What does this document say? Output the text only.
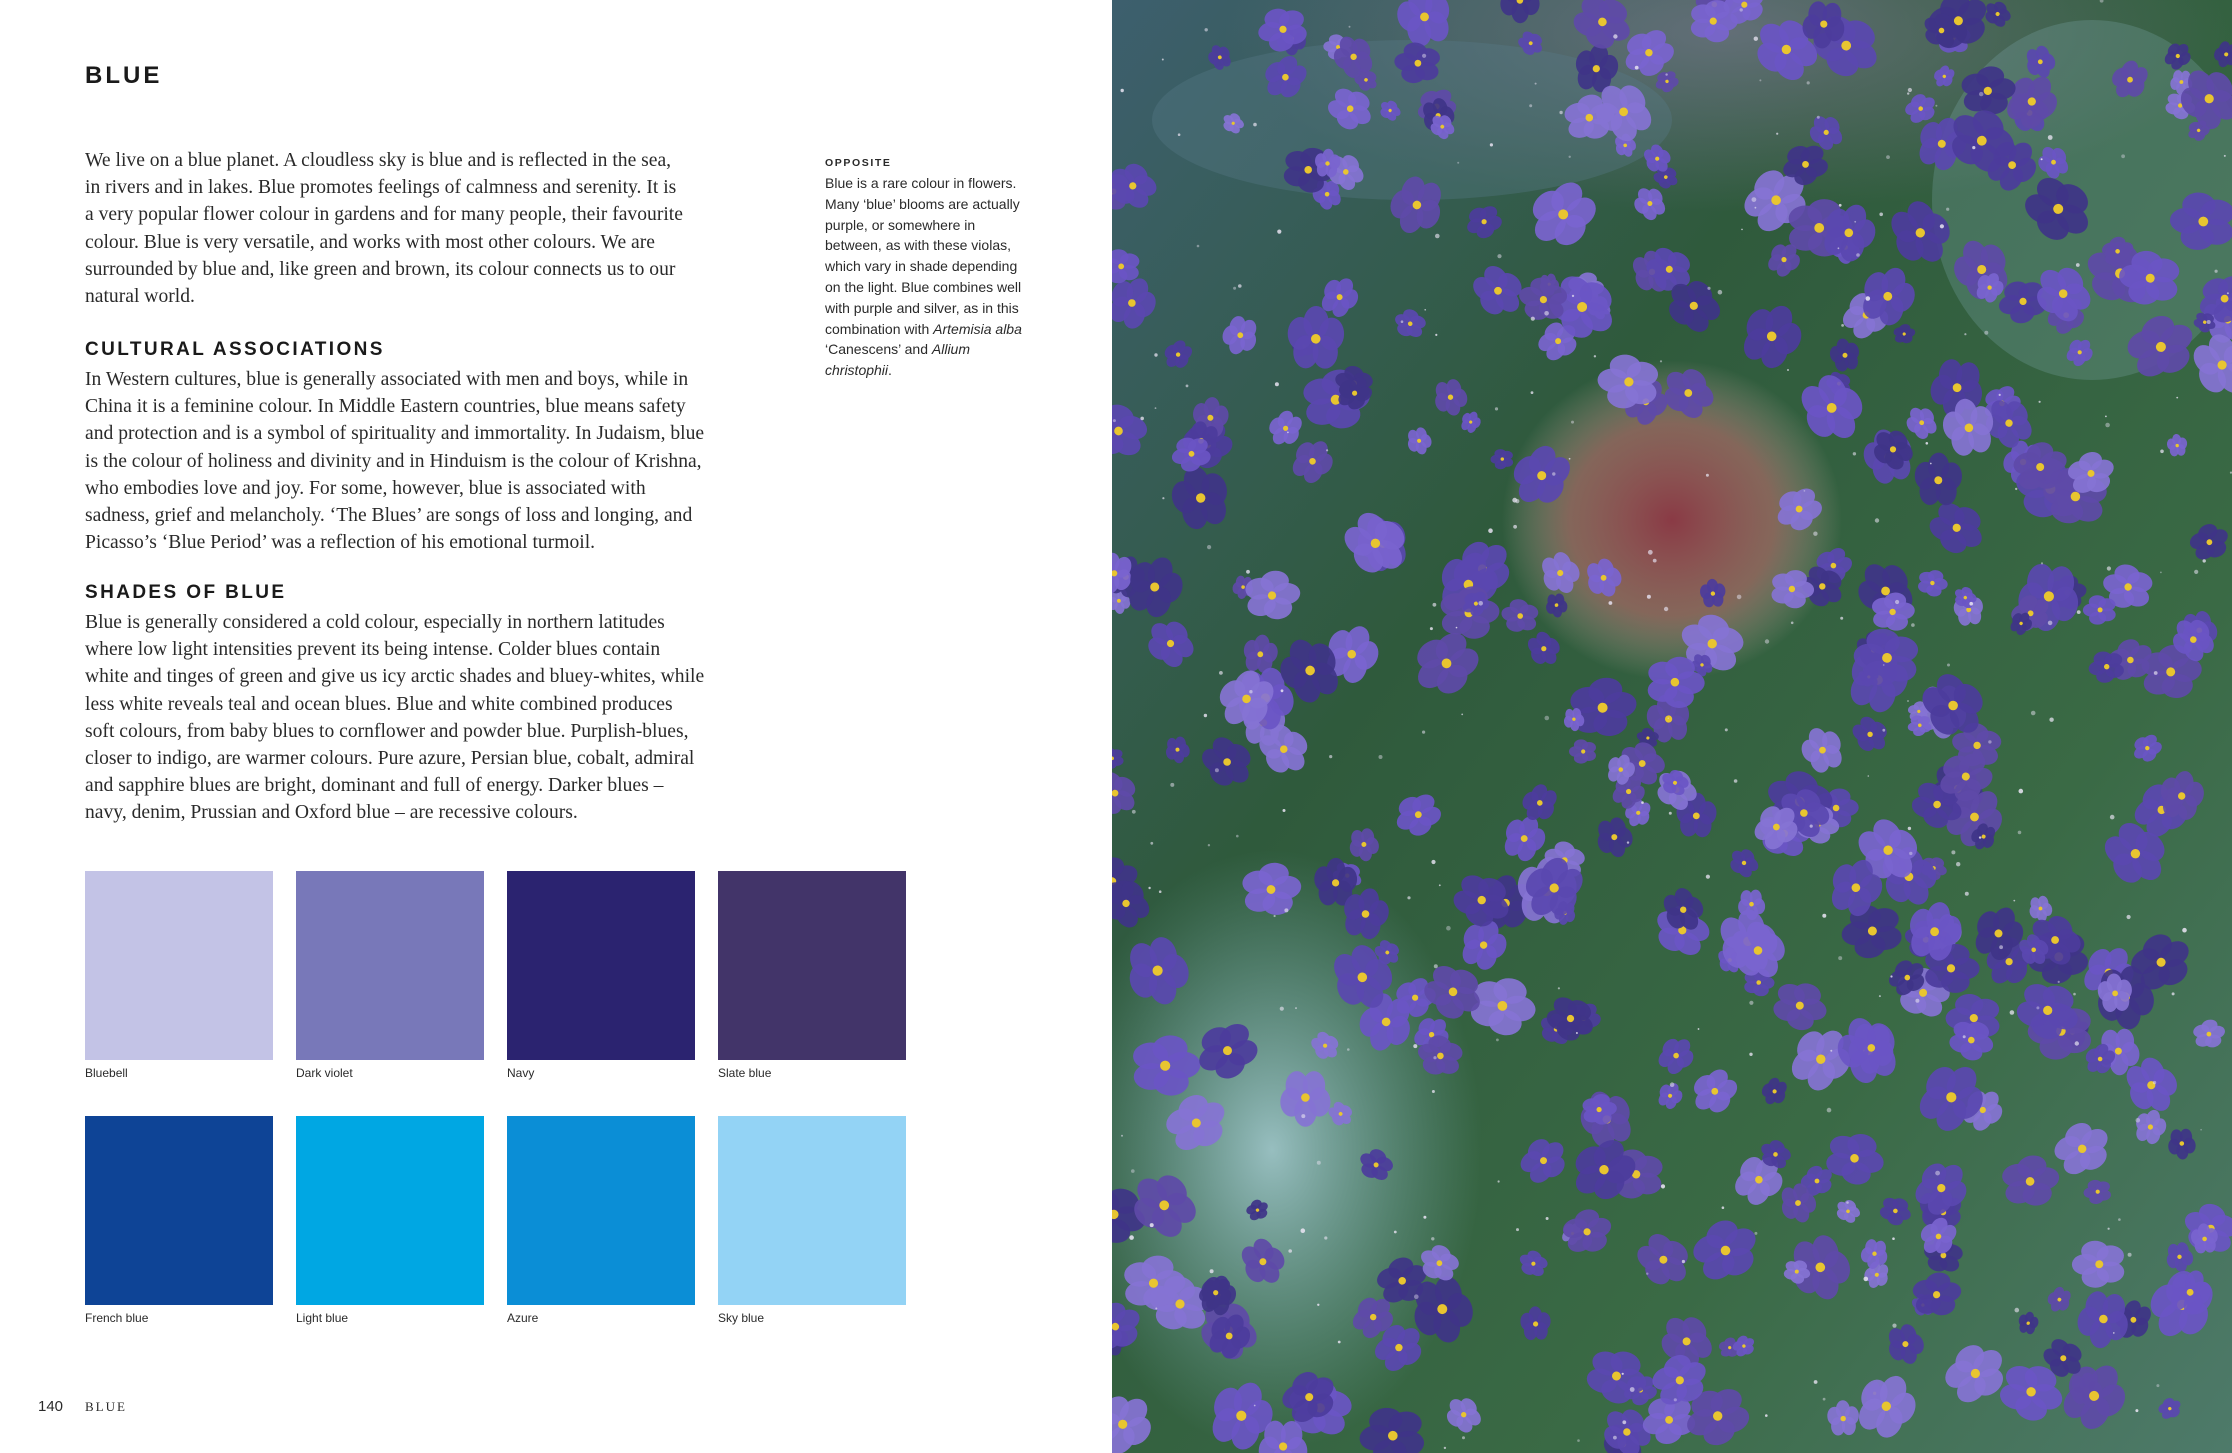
BLUE

We live on a blue planet. A cloudless sky is blue and is reflected in the sea, in rivers and in lakes. Blue promotes feelings of calmness and serenity. It is a very popular flower colour in gardens and for many people, their favourite colour. Blue is very versatile, and works with most other colours. We are surrounded by blue and, like green and brown, its colour connects us to our natural world.

CULTURAL ASSOCIATIONS

In Western cultures, blue is generally associated with men and boys, while in China it is a feminine colour. In Middle Eastern countries, blue means safety and protection and is a symbol of spirituality and immortality. In Judaism, blue is the colour of holiness and divinity and in Hinduism is the colour of Krishna, who embodies love and joy. For some, however, blue is associated with sadness, grief and melancholy. ‘The Blues’ are songs of loss and longing, and Picasso’s ‘Blue Period’ was a reflection of his emotional turmoil.

SHADES OF BLUE

Blue is generally considered a cold colour, especially in northern latitudes where low light intensities prevent its being intense. Colder blues contain white and tinges of green and give us icy arctic shades and bluey-whites, while less white reveals teal and ocean blues. Blue and white combined produces soft colours, from baby blues to cornflower and powder blue. Purplish-blues, closer to indigo, are warmer colours. Pure azure, Persian blue, cobalt, admiral and sapphire blues are bright, dominant and full of energy. Darker blues – navy, denim, Prussian and Oxford blue – are recessive colours.

OPPOSITE

Blue is a rare colour in flowers. Many ‘blue’ blooms are actually purple, or somewhere in between, as with these violas, which vary in shade depending on the light. Blue combines well with purple and silver, as in this combination with Artemisia alba ‘Canescens’ and Allium christophii.

Bluebell	Dark violet	Navy	Slate blue
French blue	Light blue	Azure	Sky blue
140 BLUE
